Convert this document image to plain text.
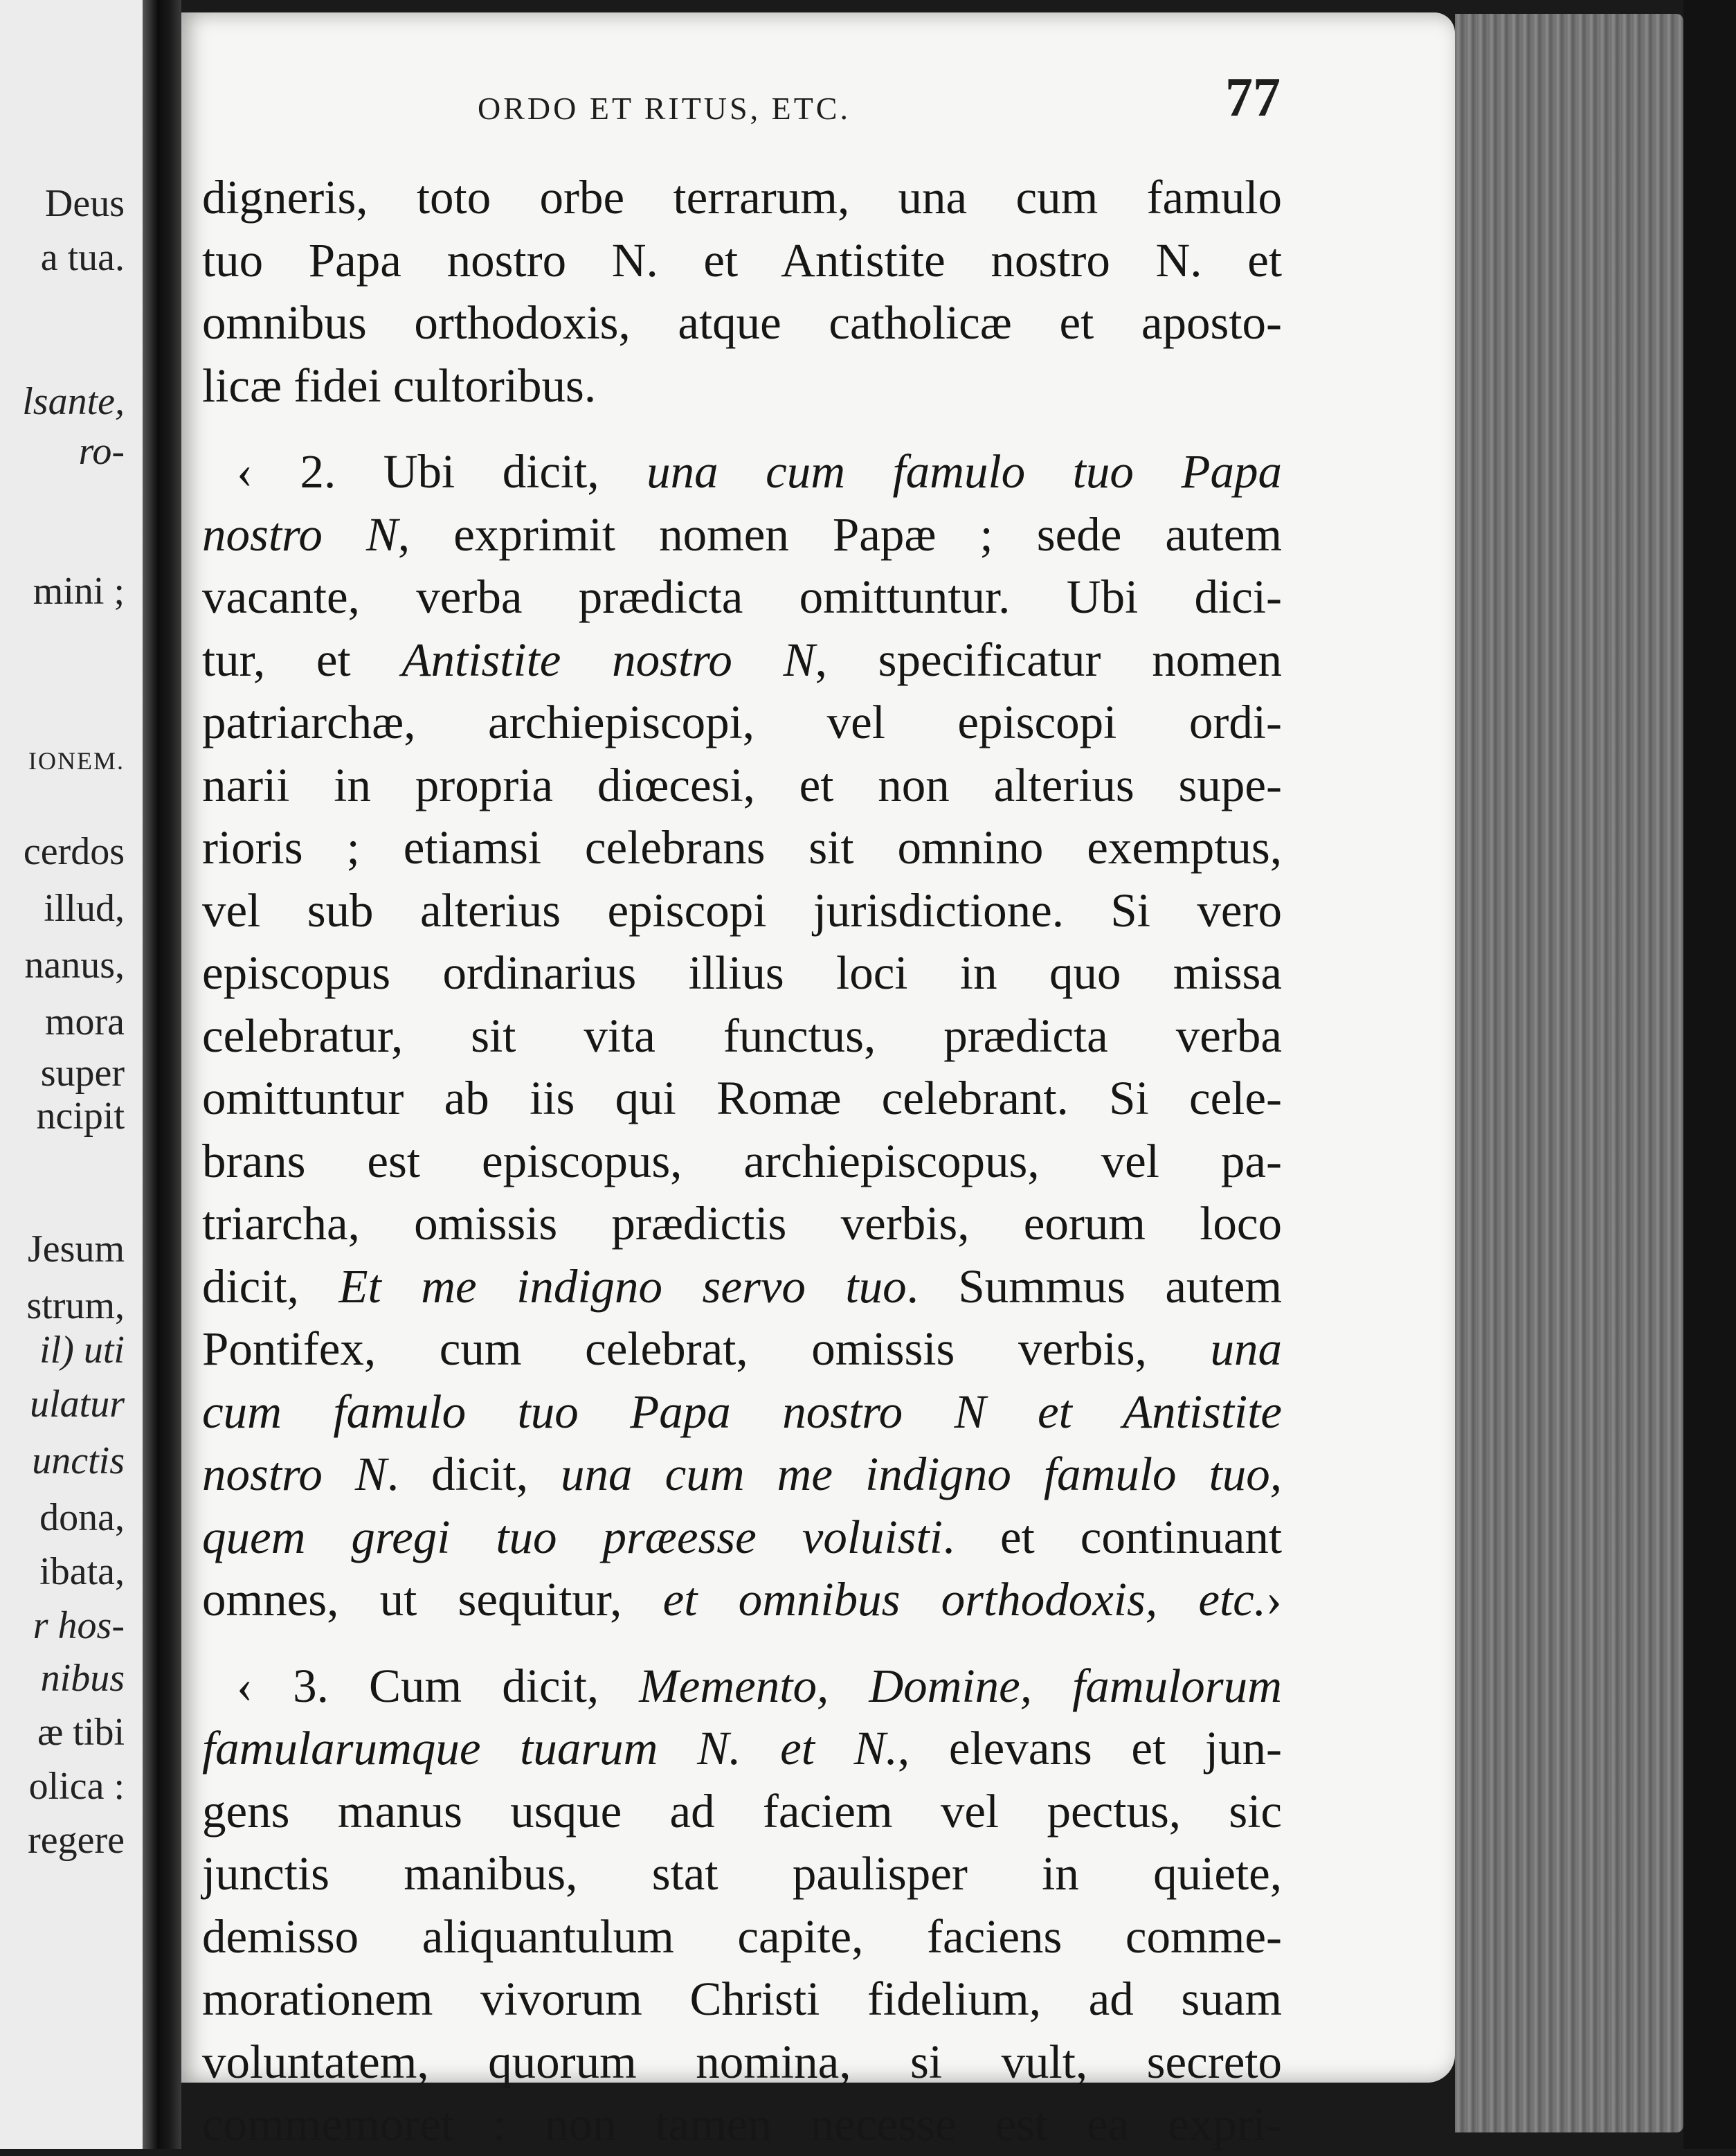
Deus
a tua.
lsante,
ro-
mini ;
IONEM.
cerdos
illud,
nanus,
mora
super
ncipit
Jesum
strum,
il) uti
ulatur
unctis
dona,
ibata,
r hos-
nibus
æ tibi
olica :
regere
ORDO ET RITUS, ETC.	77
digneris, toto orbe terrarum, una cum famulo
tuo Papa nostro N. et Antistite nostro N. et
omnibus orthodoxis, atque catholicæ et aposto-
licæ fidei cultoribus.
‹ 2. Ubi dicit, una cum famulo tuo Papa
nostro N, exprimit nomen Papæ ; sede autem
vacante, verba prædicta omittuntur. Ubi dici-
tur, et Antistite nostro N, specificatur nomen
patriarchæ, archiepiscopi, vel episcopi ordi-
narii in propria diœcesi, et non alterius supe-
rioris ; etiamsi celebrans sit omnino exemptus,
vel sub alterius episcopi jurisdictione. Si vero
episcopus ordinarius illius loci in quo missa
celebratur, sit vita functus, prædicta verba
omittuntur ab iis qui Romæ celebrant. Si cele-
brans est episcopus, archiepiscopus, vel pa-
triarcha, omissis prædictis verbis, eorum loco
dicit, Et me indigno servo tuo. Summus autem
Pontifex, cum celebrat, omissis verbis, una
cum famulo tuo Papa nostro N et Antistite
nostro N. dicit, una cum me indigno famulo tuo,
quem gregi tuo præesse voluisti. et continuant
omnes, ut sequitur, et omnibus orthodoxis, etc.›
‹ 3. Cum dicit, Memento, Domine, famulorum
famularumque tuarum N. et N., elevans et jun-
gens manus usque ad faciem vel pectus, sic
junctis manibus, stat paulisper in quiete,
demisso aliquantulum capite, faciens comme-
morationem vivorum Christi fidelium, ad suam
voluntatem, quorum nomina, si vult, secreto
commemoret : non tamen necesse est ea expri-
